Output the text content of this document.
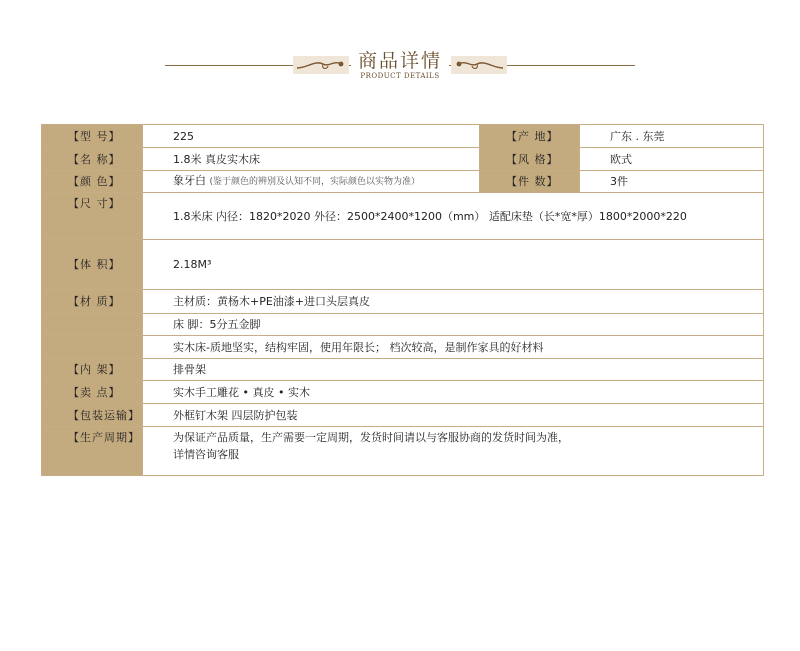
商品详情
PRODUCT DETAILS
【型 号】	225	【产 地】	广东 . 东莞
【名 称】	1.8米 真皮实木床	【风 格】	欧式
【颜 色】	象牙白 (鉴于颜色的辨别及认知不同，实际颜色以实物为准）	【件 数】	3件
【尺 寸】	1.8米床 内径：1820*2020 外径：2500*2400*1200（mm） 适配床垫（长*宽*厚）1800*2000*220		
【体 积】	2.18M³		
【材 质】	主材质：黄杨木+PE油漆+进口头层真皮		
	床 脚：5分五金脚		
	实木床-质地坚实，结构牢固，使用年限长； 档次较高，是制作家具的好材料		
【内 架】	排骨架		
【卖 点】	实木手工雕花 • 真皮 • 实木		
【包装运输】	外框钉木架 四层防护包装		
【生产周期】	为保证产品质量，生产需要一定周期，发货时间请以与客服协商的发货时间为准，
详情咨询客服		
